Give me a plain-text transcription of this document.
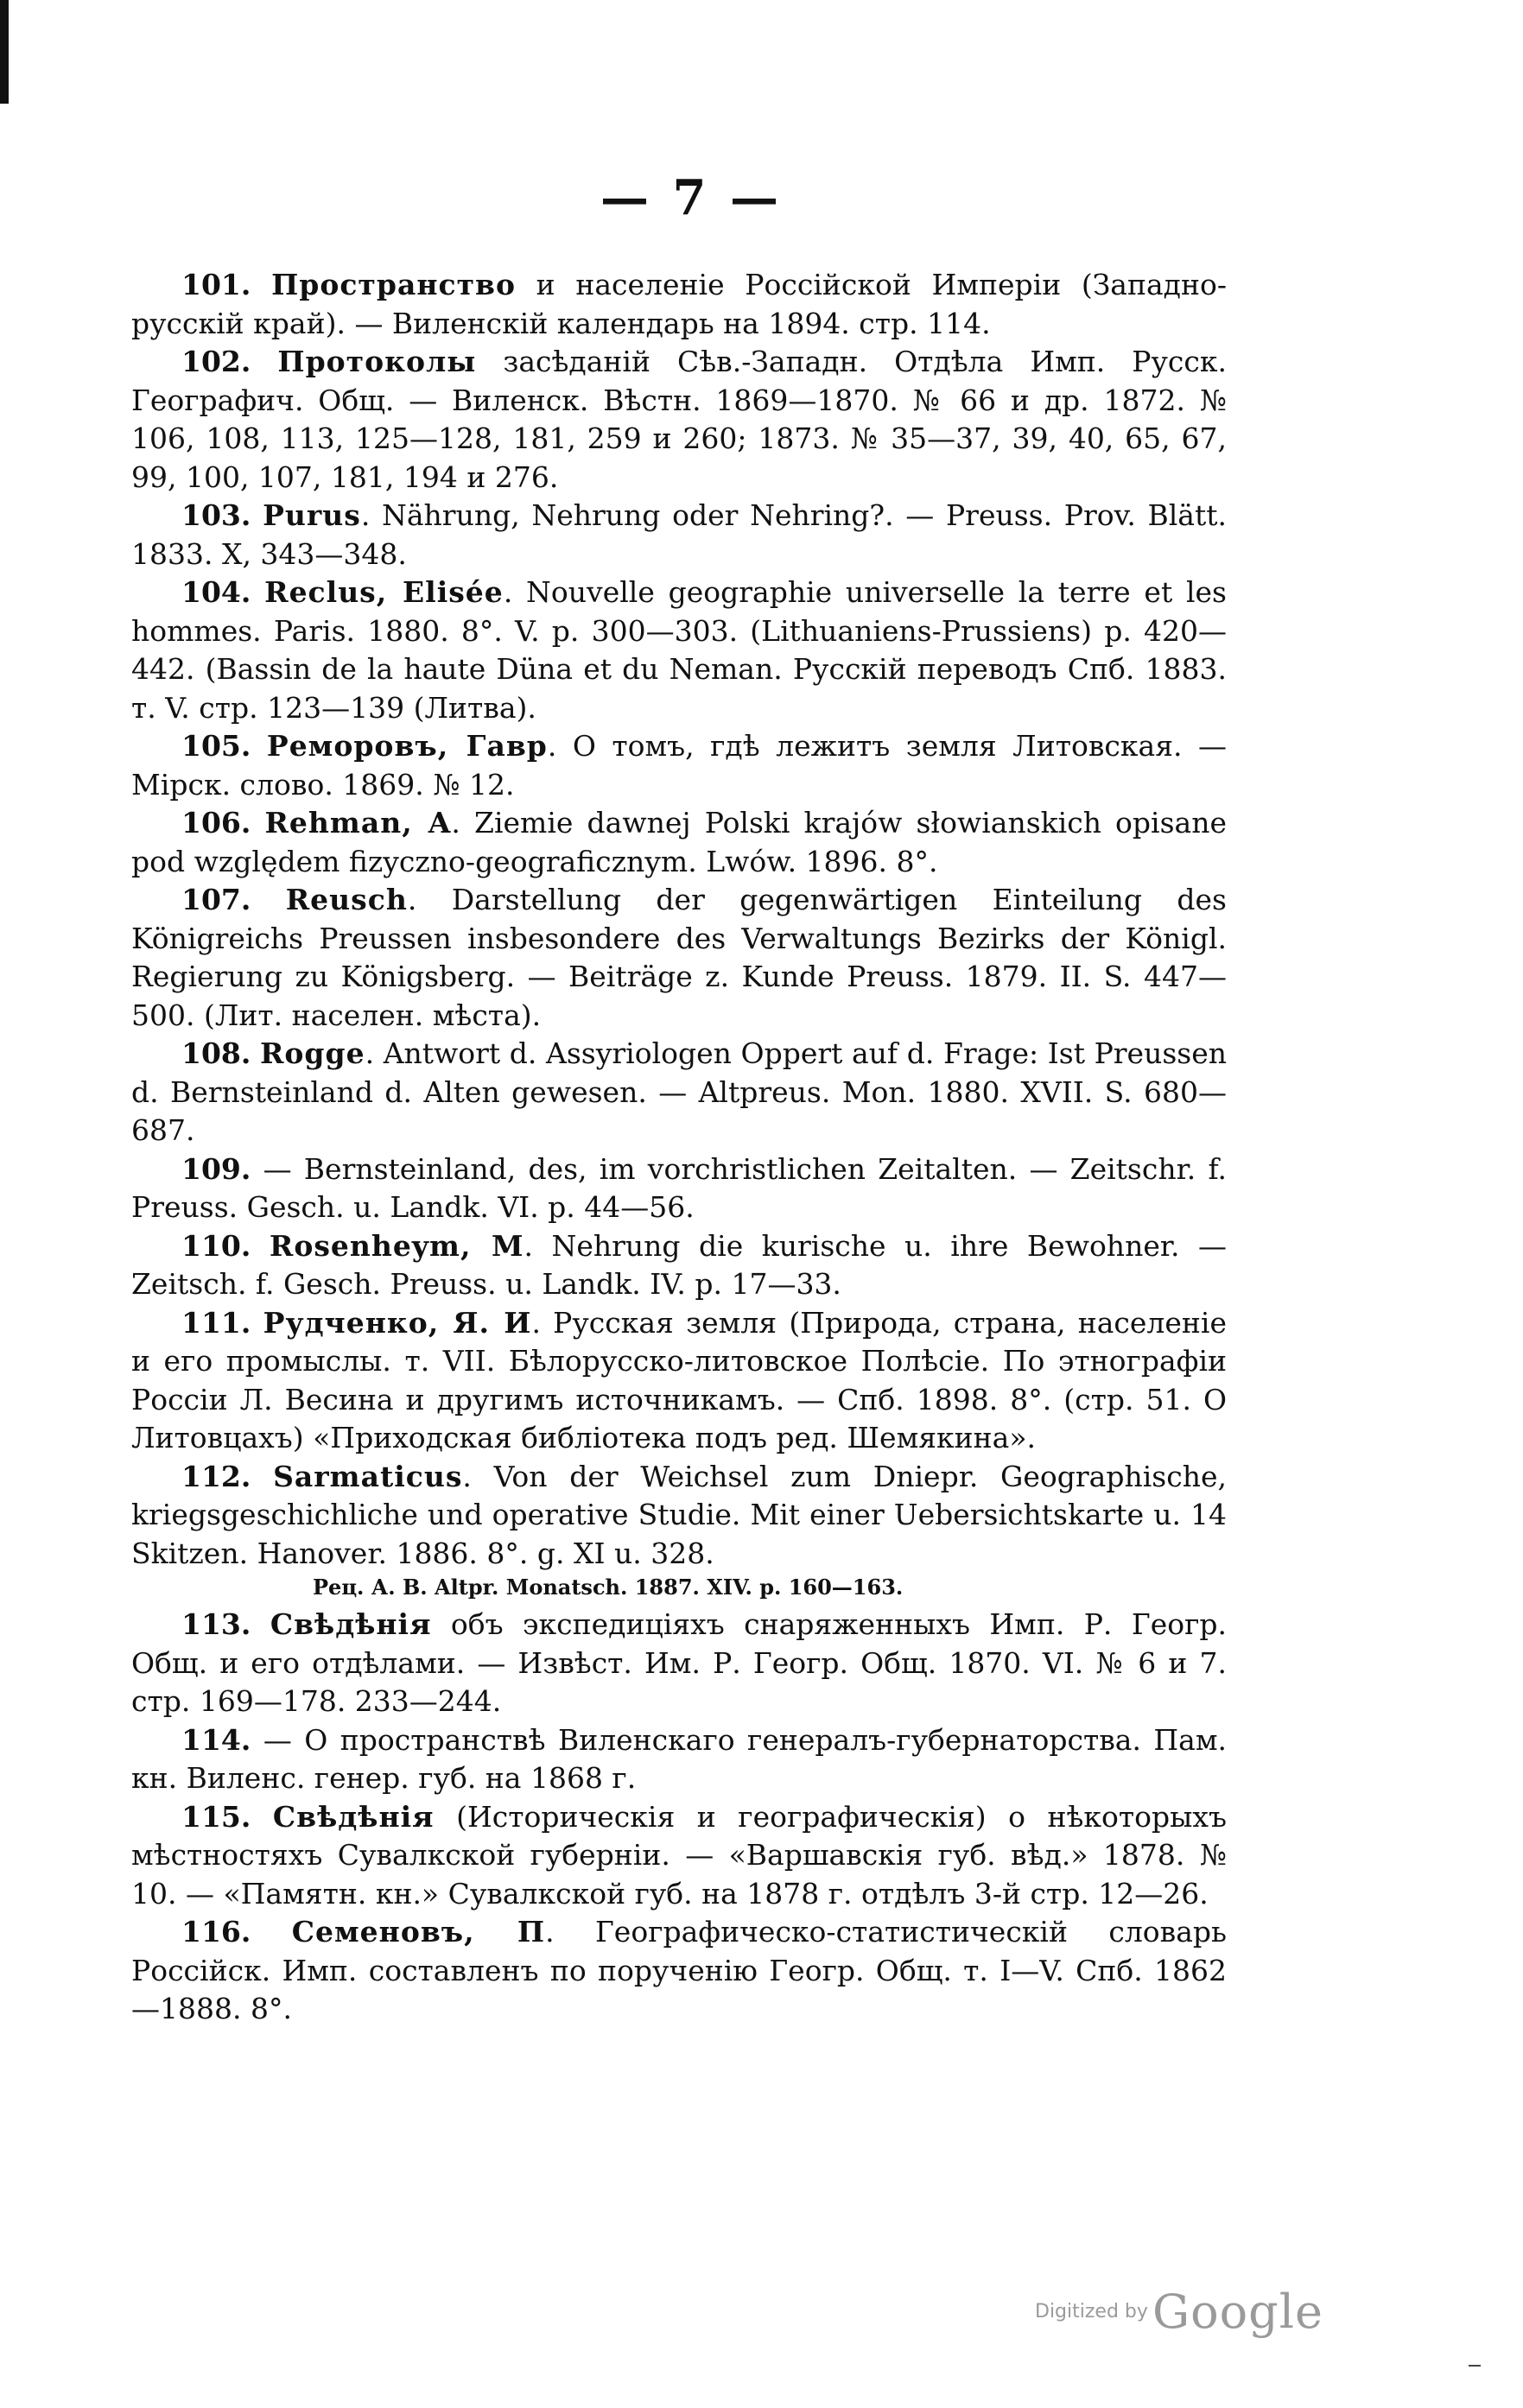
— 7 —

101. Пространство и населеніе Россійской Имперіи (Западно-русскій край). — Виленскій календарь на 1894. стр. 114.

102. Протоколы засѣданій Сѣв.-Западн. Отдѣла Имп. Русск. Географич. Общ. — Виленск. Вѣстн. 1869—1870. № 66 и др. 1872. № 106, 108, 113, 125—128, 181, 259 и 260; 1873. № 35—37, 39, 40, 65, 67, 99, 100, 107, 181, 194 и 276.

103. Purus. Nährung, Nehrung oder Nehring?. — Preuss. Prov. Blätt. 1833. X, 343—348.

104. Reclus, Elisée. Nouvelle geographie universelle la terre et les hommes. Paris. 1880. 8°. V. p. 300—303. (Lithuaniens-Prussiens) p. 420—442. (Bassin de la haute Düna et du Neman. Русскій переводъ Спб. 1883. т. V. стр. 123—139 (Литва).

105. Реморовъ, Гавр. О томъ, гдѣ лежитъ земля Литовская. — Мірск. слово. 1869. № 12.

106. Rehman, A. Ziemie dawnej Polski krajów słowianskich opisane pod względem fizyczno-geograficznym. Lwów. 1896. 8°.

107. Reusch. Darstellung der gegenwärtigen Einteilung des Königreichs Preussen insbesondere des Verwaltungs Bezirks der Königl. Regierung zu Königsberg. — Beiträge z. Kunde Preuss. 1879. II. S. 447—500. (Лит. населен. мѣста).

108. Rogge. Antwort d. Assyriologen Oppert auf d. Frage: Ist Preussen d. Bernsteinland d. Alten gewesen. — Altpreus. Mon. 1880. XVII. S. 680—687.

109. — Bernsteinland, des, im vorchristlichen Zeitalten. — Zeitschr. f. Preuss. Gesch. u. Landk. VI. p. 44—56.

110. Rosenheym, M. Nehrung die kurische u. ihre Bewohner. — Zeitsch. f. Gesch. Preuss. u. Landk. IV. p. 17—33.

111. Рудченко, Я. И. Русская земля (Природа, страна, населеніе и его промыслы. т. VII. Бѣлорусско-литовское Полѣсіе. По этнографіи Россіи Л. Весина и другимъ источникамъ. — Спб. 1898. 8°. (стр. 51. О Литовцахъ) «Приходская библіотека подъ ред. Шемякина».

112. Sarmaticus. Von der Weichsel zum Dniepr. Geographische, kriegsgeschichliche und operative Studie. Mit einer Uebersichtskarte u. 14 Skitzen. Hanover. 1886. 8°. g. XI u. 328.

Рец. А. В. Altpr. Monatsch. 1887. XIV. p. 160—163.

113. Свѣдѣнія объ экспедиціяхъ снаряженныхъ Имп. Р. Геогр. Общ. и его отдѣлами. — Извѣст. Им. Р. Геогр. Общ. 1870. VI. № 6 и 7. стр. 169—178. 233—244.

114. — О пространствѣ Виленскаго генералъ-губернаторства. Пам. кн. Виленс. генер. губ. на 1868 г.

115. Свѣдѣнія (Историческія и географическія) о нѣкоторыхъ мѣстностяхъ Сувалкской губерніи. — «Варшавскія губ. вѣд.» 1878. № 10. — «Памятн. кн.» Сувалкской губ. на 1878 г. отдѣлъ 3-й стр. 12—26.

116. Семеновъ, П. Географическо-статистическій словарь Россійск. Имп. составленъ по порученію Геогр. Общ. т. I—V. Спб. 1862—1888. 8°.

Digitized by Google
